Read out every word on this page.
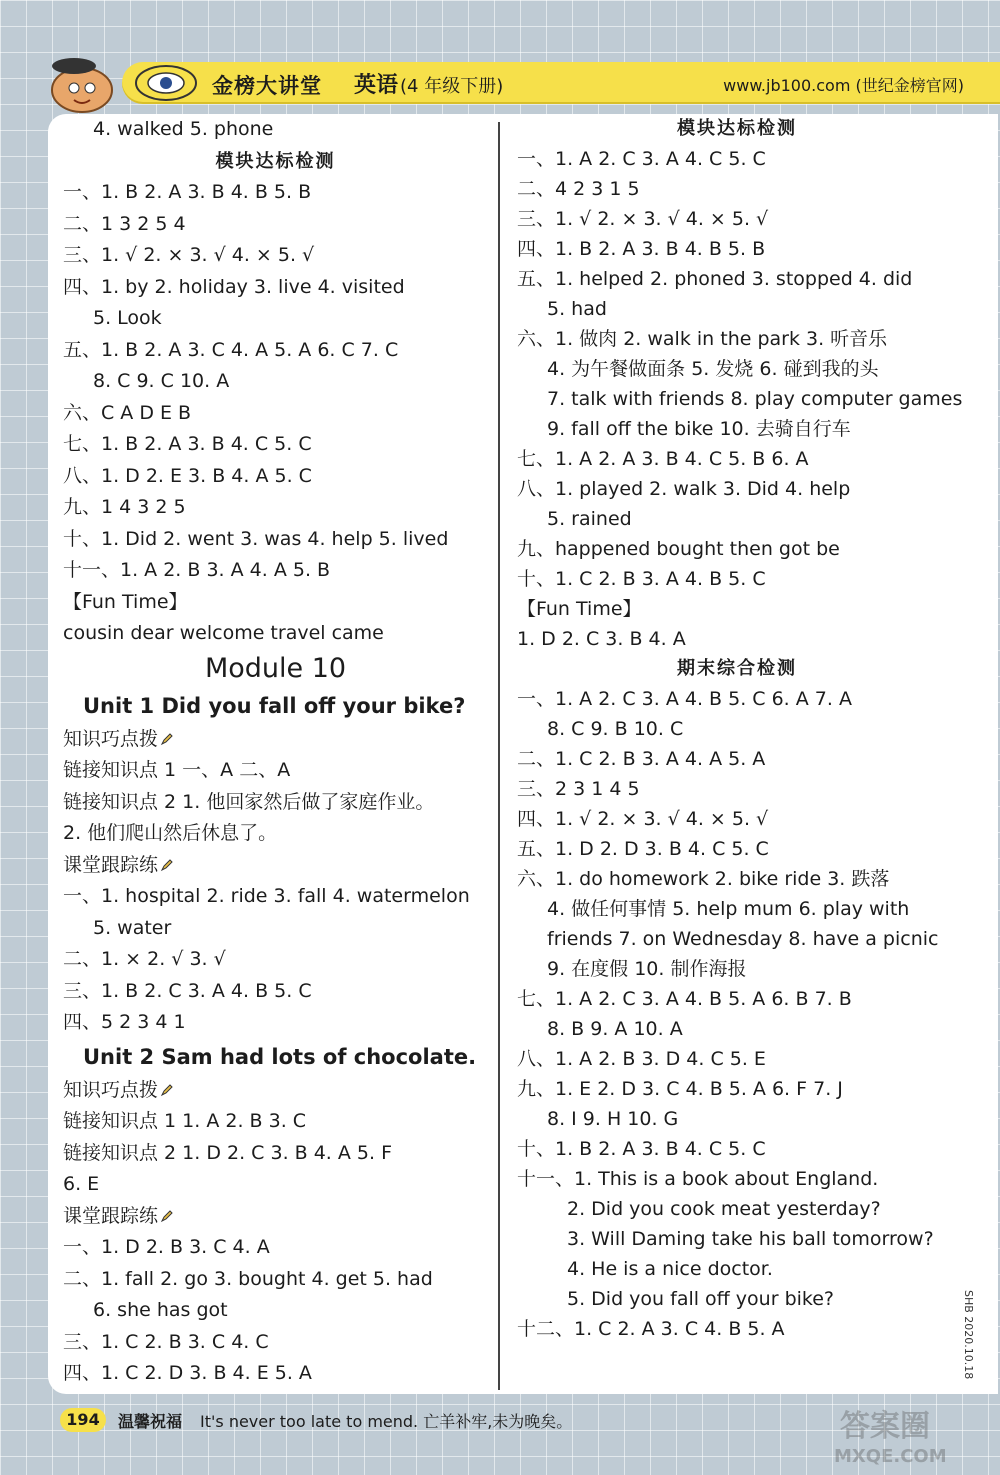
金榜大讲堂 英语 (4 年级下册)	www.jb100.com (世纪金榜官网)
4. walked 5. phone
模块达标检测
一、1. B 2. A 3. B 4. B 5. B
二、1 3 2 5 4
三、1. √ 2. × 3. √ 4. × 5. √
四、1. by 2. holiday 3. live 4. visited
5. Look
五、1. B 2. A 3. C 4. A 5. A 6. C 7. C
8. C 9. C 10. A
六、C A D E B
七、1. B 2. A 3. B 4. C 5. C
八、1. D 2. E 3. B 4. A 5. C
九、1 4 3 2 5
十、1. Did 2. went 3. was 4. help 5. lived
十一、1. A 2. B 3. A 4. A 5. B
【Fun Time】
cousin dear welcome travel came
Module 10
Unit 1 Did you fall off your bike?
知识巧点拨
链接知识点 1 一、A 二、A
链接知识点 2 1. 他回家然后做了家庭作业。
2. 他们爬山然后休息了。
课堂跟踪练
一、1. hospital 2. ride 3. fall 4. watermelon
5. water
二、1. × 2. √ 3. √
三、1. B 2. C 3. A 4. B 5. C
四、5 2 3 4 1
Unit 2 Sam had lots of chocolate.
知识巧点拨
链接知识点 1 1. A 2. B 3. C
链接知识点 2 1. D 2. C 3. B 4. A 5. F
6. E
课堂跟踪练
一、1. D 2. B 3. C 4. A
二、1. fall 2. go 3. bought 4. get 5. had
6. she has got
三、1. C 2. B 3. C 4. C
四、1. C 2. D 3. B 4. E 5. A
模块达标检测
一、1. A 2. C 3. A 4. C 5. C
二、4 2 3 1 5
三、1. √ 2. × 3. √ 4. × 5. √
四、1. B 2. A 3. B 4. B 5. B
五、1. helped 2. phoned 3. stopped 4. did
5. had
六、1. 做肉 2. walk in the park 3. 听音乐
4. 为午餐做面条 5. 发烧 6. 碰到我的头
7. talk with friends 8. play computer games
9. fall off the bike 10. 去骑自行车
七、1. A 2. A 3. B 4. C 5. B 6. A
八、1. played 2. walk 3. Did 4. help
5. rained
九、happened bought then got be
十、1. C 2. B 3. A 4. B 5. C
【Fun Time】
1. D 2. C 3. B 4. A
期末综合检测
一、1. A 2. C 3. A 4. B 5. C 6. A 7. A
8. C 9. B 10. C
二、1. C 2. B 3. A 4. A 5. A
三、2 3 1 4 5
四、1. √ 2. × 3. √ 4. × 5. √
五、1. D 2. D 3. B 4. C 5. C
六、1. do homework 2. bike ride 3. 跌落
4. 做任何事情 5. help mum 6. play with
friends 7. on Wednesday 8. have a picnic
9. 在度假 10. 制作海报
七、1. A 2. C 3. A 4. B 5. A 6. B 7. B
8. B 9. A 10. A
八、1. A 2. B 3. D 4. C 5. E
九、1. E 2. D 3. C 4. B 5. A 6. F 7. J
8. I 9. H 10. G
十、1. B 2. A 3. B 4. C 5. C
十一、1. This is a book about England.
2. Did you cook meat yesterday?
3. Will Daming take his ball tomorrow?
4. He is a nice doctor.
5. Did you fall off your bike?
十二、1. C 2. A 3. C 4. B 5. A
194	温馨祝福 It's never too late to mend. 亡羊补牢,未为晚矣。
SHB 2020.10.18
答案圈
MXQE.COM
